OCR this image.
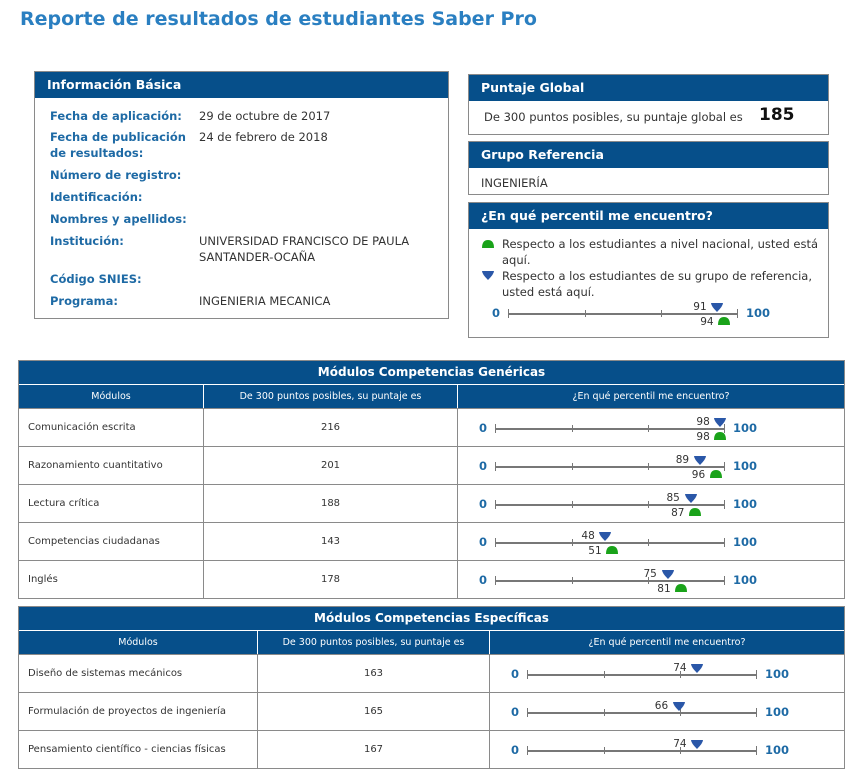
Reporte de resultados de estudiantes Saber Pro
Información Básica
Fecha de aplicación:	29 de octubre de 2017
Fecha de publicación de resultados:
24 de febrero de 2018
Número de registro:
Identificación:
Nombres y apellidos:
Institución:	UNIVERSIDAD FRANCISCO DE PAULA SANTANDER-OCAÑA
Código SNIES:
Programa:	INGENIERIA MECANICA
Puntaje Global
De 300 puntos posibles, su puntaje global es 185
Grupo Referencia
INGENIERÍA
¿En qué percentil me encuentro?
Respecto a los estudiantes a nivel nacional, usted está aquí.
Respecto a los estudiantes de su grupo de referencia, usted está aquí.
0	100
91
94
Módulos Competencias Genéricas
Módulos	De 300 puntos posibles, su puntaje es	¿En qué percentil me encuentro?
Comunicación escrita	216	0	100
98
98
Razonamiento cuantitativo	201	0	100
89
96
Lectura crítica	188	0	100
85
87
Competencias ciudadanas	143	0	100
48
51
Inglés	178	0	100
75
81
Módulos Competencias Específicas
Módulos	De 300 puntos posibles, su puntaje es	¿En qué percentil me encuentro?
Diseño de sistemas mecánicos	163	0	100
74
Formulación de proyectos de ingeniería	165	0	100
66
Pensamiento científico - ciencias físicas	167	0	100
74
